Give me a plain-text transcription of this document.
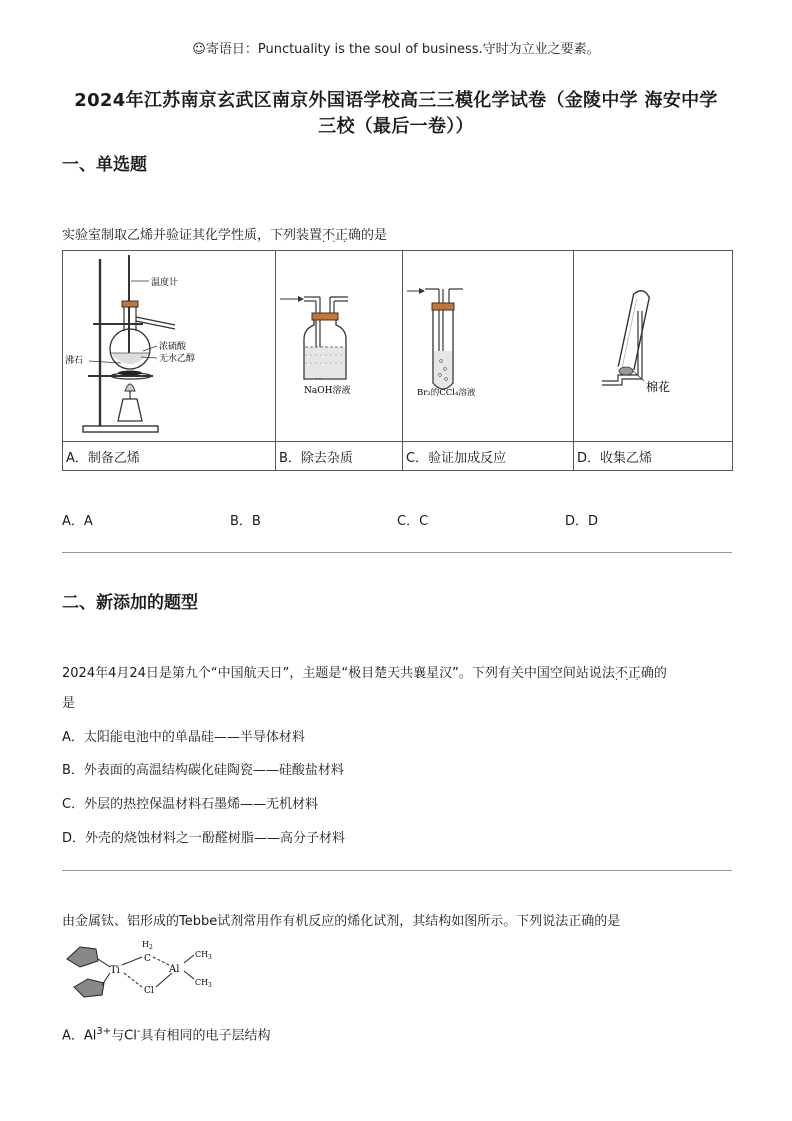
☺寄语日：Punctuality is the soul of business.守时为立业之要素。
2024年江苏南京玄武区南京外国语学校高三三模化学试卷（金陵中学 海安中学
三校（最后一卷））
一、单选题
实验室制取乙烯并验证其化学性质，下列装置不正确 · · ·的是
温度计
浓硫酸
无水乙醇
沸石	NaOH溶液	Br₂的CCl₄溶液	棉花

A．制备乙烯	B．除去杂质	C．验证加成反应	D．收集乙烯
A．A	B．B	C．C	D．D
二、新添加的题型
2024年4月24日是第九个“中国航天日”，主题是“极目楚天共襄星汉”。下列有关中国空间站说法不正确 · · ·的
是
A．太阳能电池中的单晶硅——半导体材料
B．外表面的高温结构碳化硅陶瓷——硅酸盐材料
C．外层的热控保温材料石墨烯——无机材料
D．外壳的烧蚀材料之一酚醛树脂——高分子材料
由金属钛、铝形成的Tebbe试剂常用作有机反应的烯化试剂，其结构如图所示。下列说法正确的是
Ti
H 2
C
Cl
Al
CH 3
CH 3
A．$Al^{3+}$与Cl-具有相同的电子层结构
